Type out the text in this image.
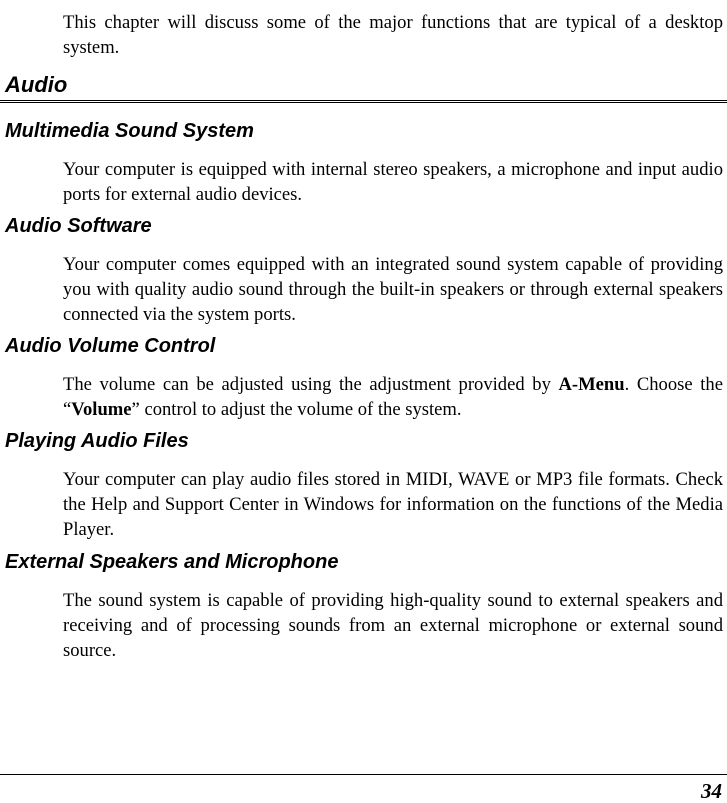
This chapter will discuss some of the major functions that are typical of a desktop system.

Audio
Multimedia Sound System

Your computer is equipped with internal stereo speakers, a microphone and input audio ports for external audio devices.

Audio Software

Your computer comes equipped with an integrated sound system capable of providing you with quality audio sound through the built-in speakers or through external speakers connected via the system ports.

Audio Volume Control

The volume can be adjusted using the adjustment provided by A-Menu. Choose the “Volume” control to adjust the volume of the system.

Playing Audio Files

Your computer can play audio files stored in MIDI, WAVE or MP3 file formats. Check the Help and Support Center in Windows for information on the functions of the Media Player.

External Speakers and Microphone

The sound system is capable of providing high-quality sound to external speakers and receiving and of processing sounds from an external microphone or external sound source.

34
